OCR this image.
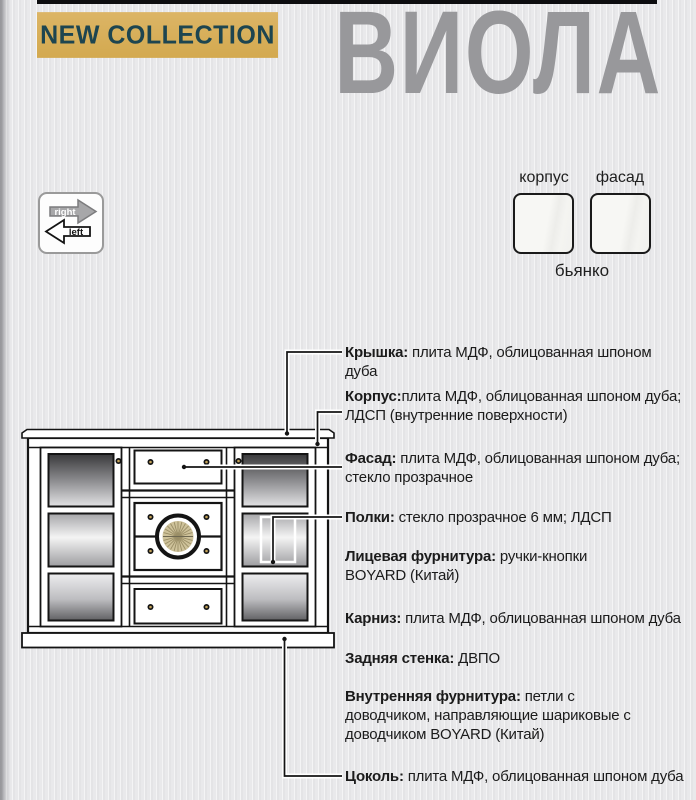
NEW COLLECTION ВИОЛА
right
left
корпус	фасад
бьянко
Крышка: плита МДФ, облицованная шпоном дуба
Корпус:плита МДФ, облицованная шпоном дуба; ЛДСП (внутренние поверхности)
Фасад: плита МДФ, облицованная шпоном дуба; стекло прозрачное
Полки: стекло прозрачное 6 мм; ЛДСП
Лицевая фурнитура: ручки-кнопки BOYARD (Китай)
Карниз: плита МДФ, облицованная шпоном дуба
Задняя стенка: ДВПО
Внутренняя фурнитура: петли с доводчиком, направляющие шариковые с доводчиком BOYARD (Китай)
Цоколь: плита МДФ, облицованная шпоном дуба
